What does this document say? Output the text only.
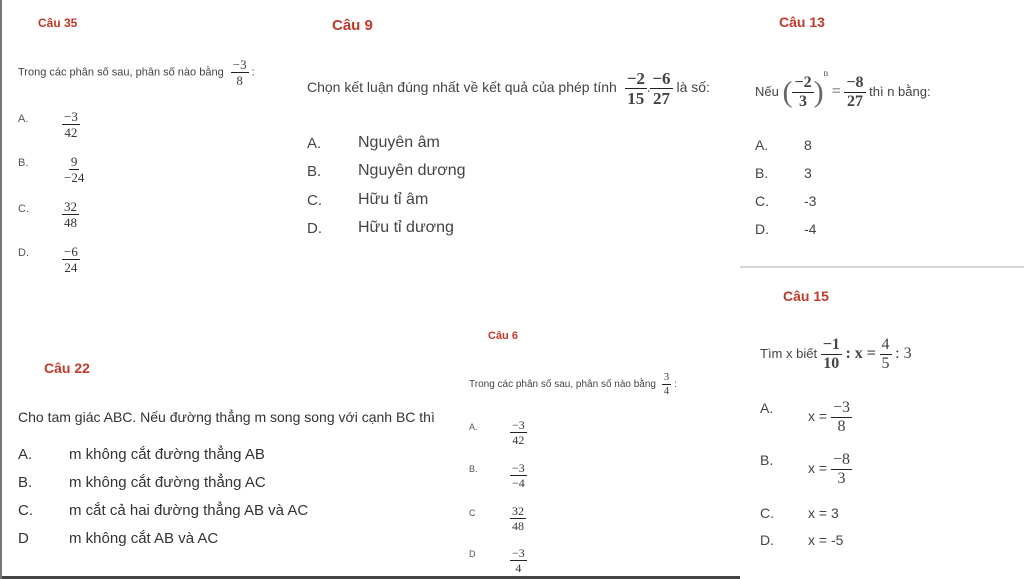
Câu 35
Trong các phân số sau, phân số nào bằng $\frac{-3}{8}$ :
A.	$\frac{-3}{42}$
B.	$\frac{9}{-24}$
C.	$\frac{32}{48}$
D.	$\frac{-6}{24}$
Câu 9
Chọn kết luận đúng nhất về kết quả của phép tính $\frac{-2}{15}$ . $\frac{-6}{27}$ là số:
A. Nguyên âm
B. Nguyên dương
C. Hữu tỉ âm
D. Hữu tỉ dương
Câu 13
Nếu ( $\frac{-2}{3} )^n = \frac{-8}{27}$ thì n bằng:
A.	8
B.	3
C.	-3
D.	-4
Câu 15
Tìm x biết $\frac{-1}{10}$ : $x = \frac{4}{5}$ : 3
A.
$x = \frac{-3}{8}$
B.
$x = \frac{-8}{3}$
C. x = 3
D. x = -5
Câu 22
Cho tam giác ABC. Nếu đường thẳng m song song với cạnh BC thì
A. m không cắt đường thẳng AB
B. m không cắt đường thẳng AC
C. m cắt cả hai đường thẳng AB và AC
D	m không cắt AB và AC
Câu 6
Trong các phân số sau, phân số nào bằng $\frac{3}{4}$ :
A.	$\frac{-3}{42}$
B.	$\frac{-3}{-4}$
C	$\frac{32}{48}$
D	$\frac{-3}{4}$
